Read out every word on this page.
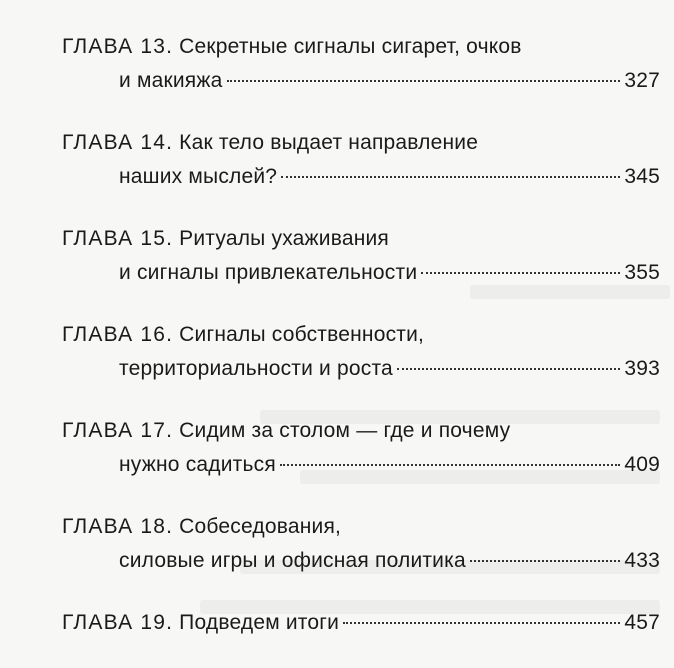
ГЛАВА 13.
Секретные сигналы сигарет, очков
и макияжа	327
ГЛАВА 14.
Как тело выдает направление
наших мыслей?	345
ГЛАВА 15.
Ритуалы ухаживания
и сигналы привлекательности	355
ГЛАВА 16.
Сигналы собственности,
территориальности и роста	393
ГЛАВА 17.
Сидим за столом — где и почему
нужно садиться	409
ГЛАВА 18.
Собеседования,
силовые игры и офисная политика	433
ГЛАВА 19.
Подведем итоги	457
